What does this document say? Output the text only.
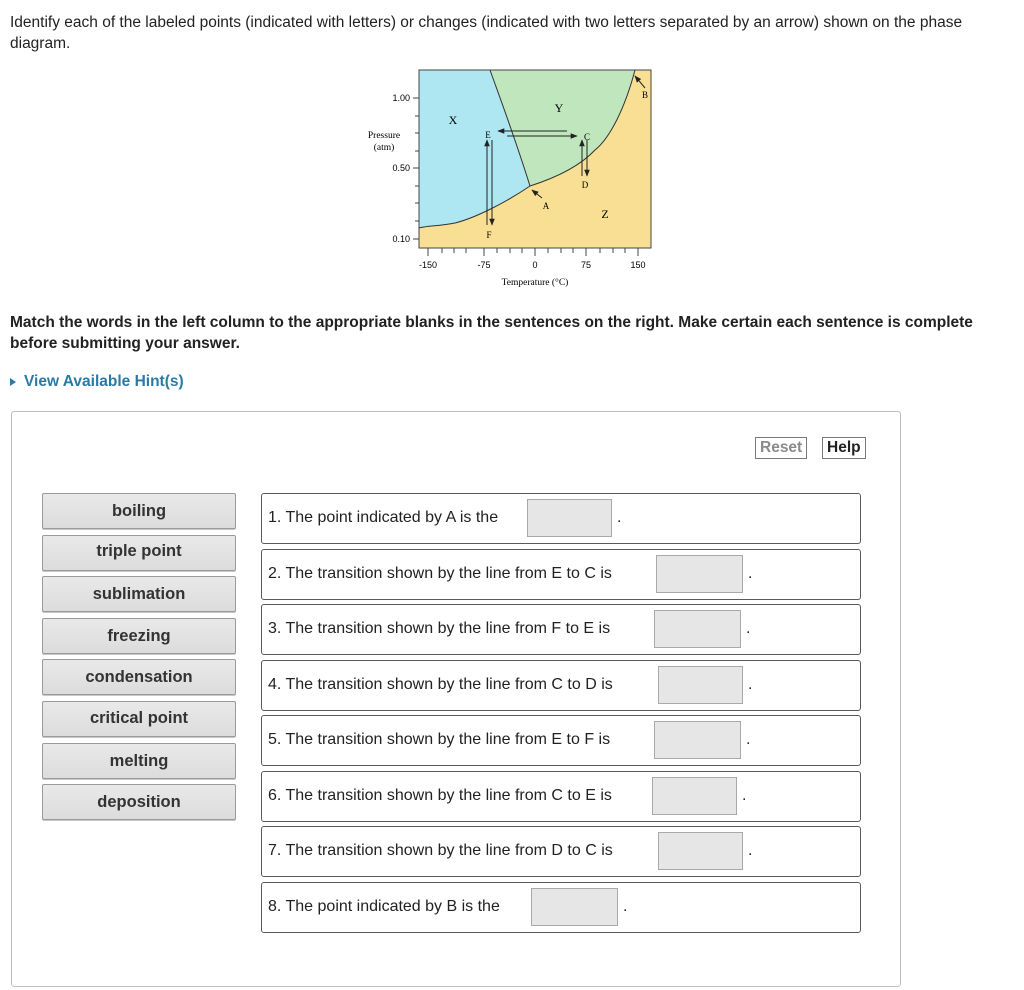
Identify each of the labeled points (indicated with letters) or changes (indicated with two letters separated by an arrow) shown on the phase diagram.
1.00
0.50
0.10
Pressure
(atm)
-150	-75	0	75	150
Temperature (°C)
X
Y
Z
A
B
C
D
E
F
Match the words in the left column to the appropriate blanks in the sentences on the right. Make certain each sentence is complete before submitting your answer.
View Available Hint(s)
Reset	Help
boiling
triple point
sublimation
freezing
condensation
critical point
melting
deposition
1. The point indicated by A is the	.
2. The transition shown by the line from E to C is	.
3. The transition shown by the line from F to E is	.
4. The transition shown by the line from C to D is	.
5. The transition shown by the line from E to F is	.
6. The transition shown by the line from C to E is	.
7. The transition shown by the line from D to C is	.
8. The point indicated by B is the	.
